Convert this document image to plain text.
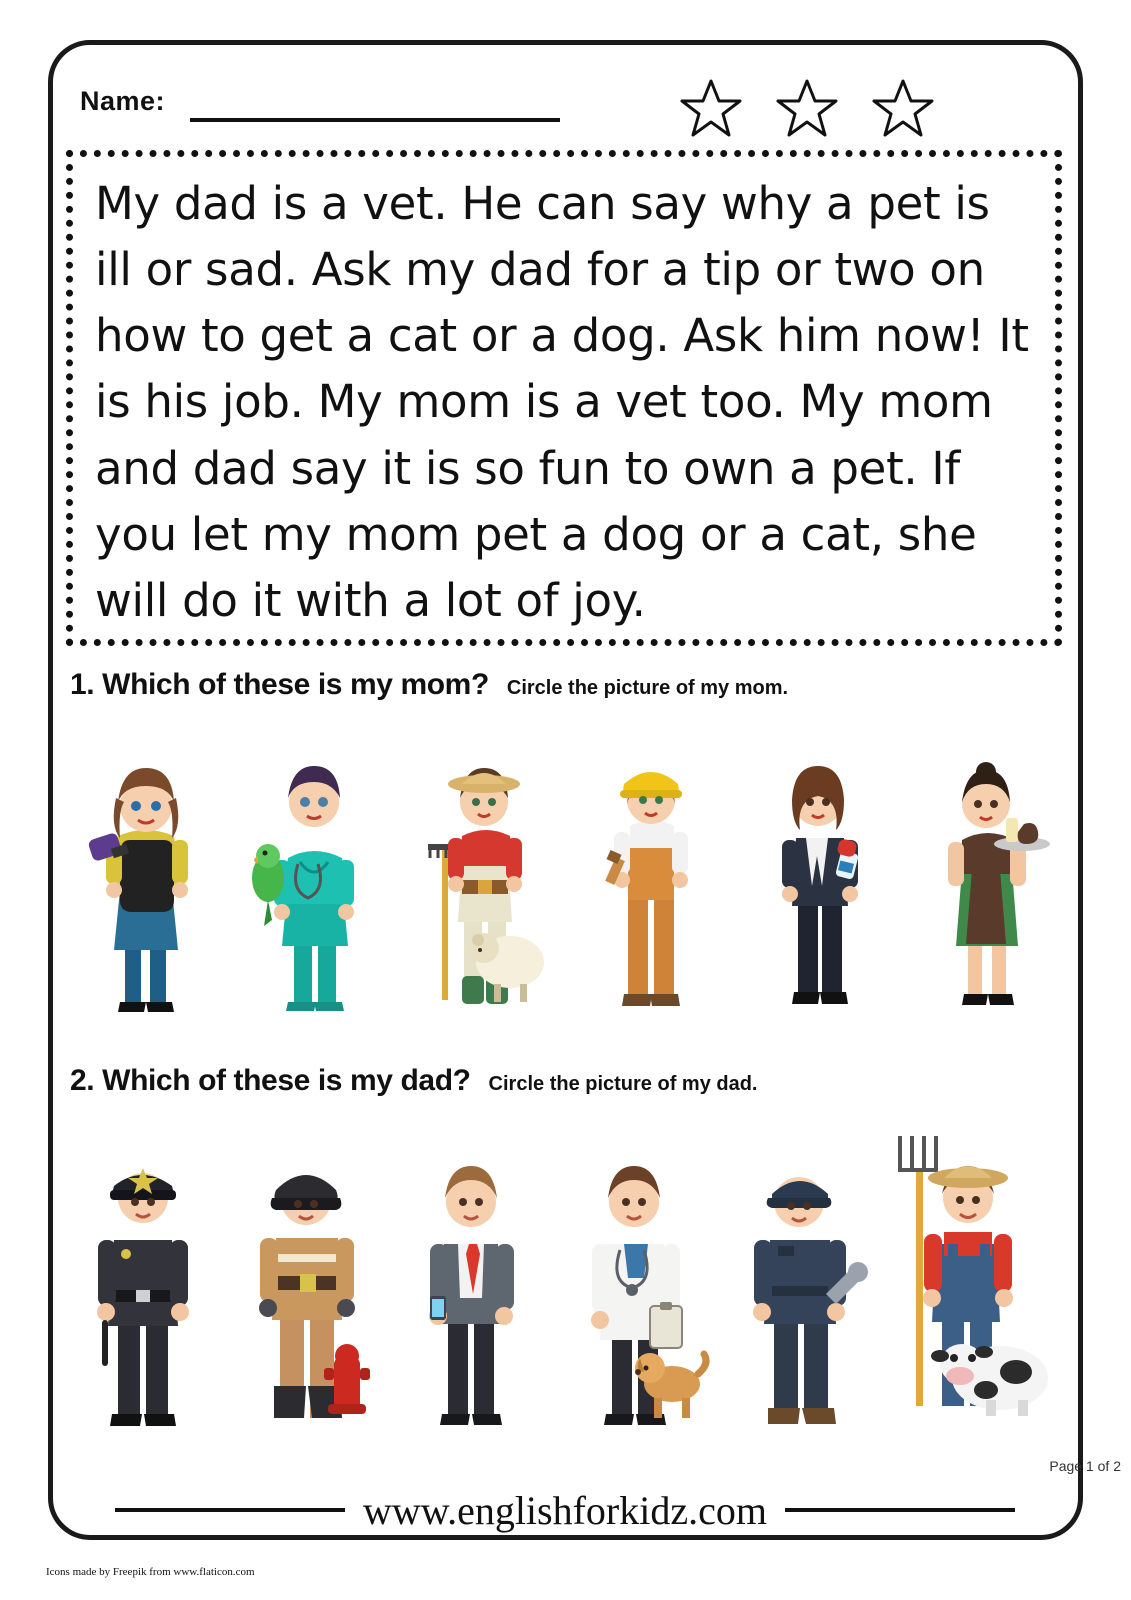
Name:

My dad is a vet. He can say why a pet is ill or sad. Ask my dad for a tip or two on how to get a cat or a dog. Ask him now! It is his job. My mom is a vet too. My mom and dad say it is so fun to own a pet. If you let my mom pet a dog or a cat, she will do it with a lot of joy.

1. Which of these is my mom? Circle the picture of my mom.
2. Which of these is my dad? Circle the picture of my dad.
www.englishforkidz.com
Page 1 of 2
Icons made by Freepik from www.flaticon.com
